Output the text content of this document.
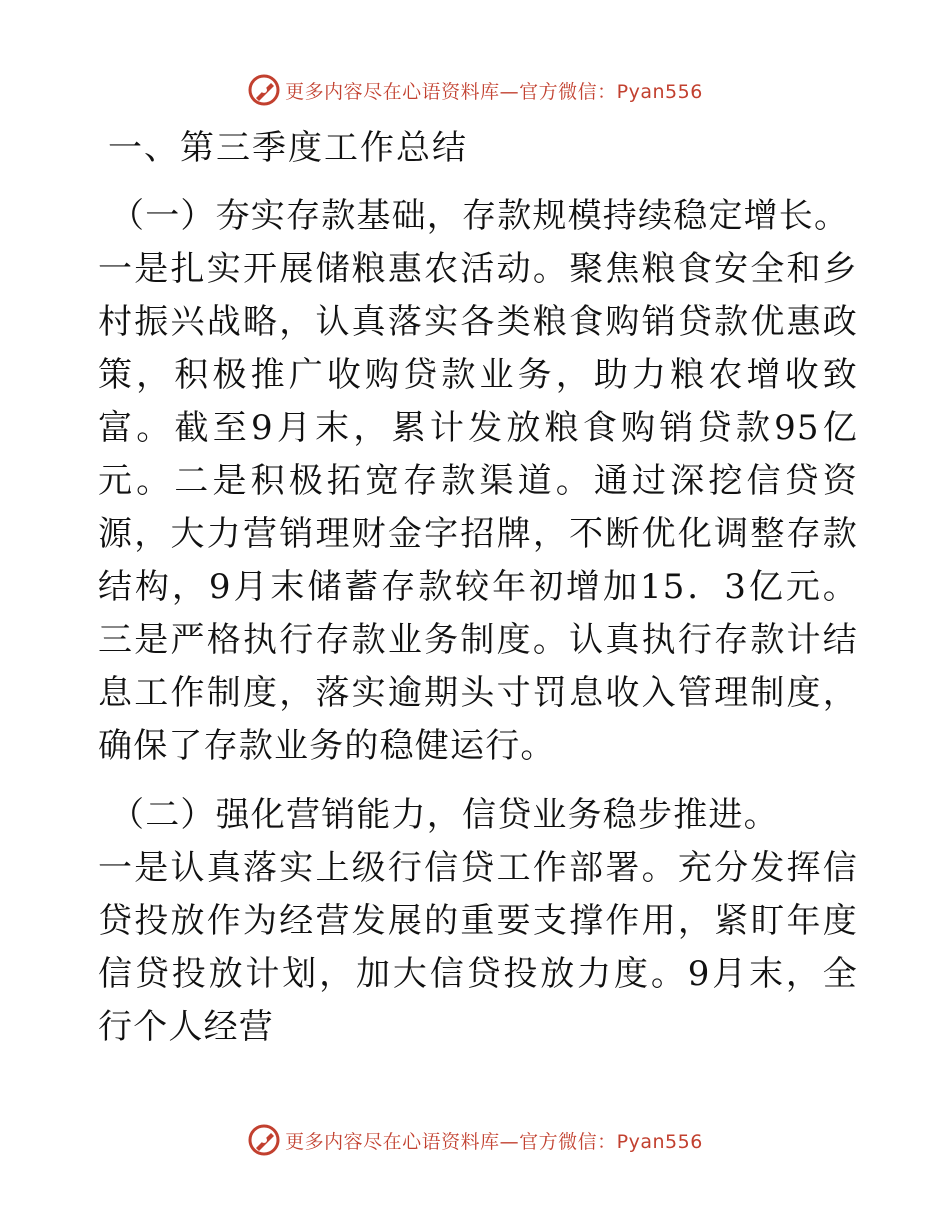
更多内容尽在心语资料库—官方微信：Pyan556
一、第三季度工作总结

（一）夯实存款基础，存款规模持续稳定增长。
一是扎实开展储粮惠农活动。聚焦粮食安全和乡村振兴战略，认真落实各类粮食购销贷款优惠政策，积极推广收购贷款业务，助力粮农增收致富。截至9月末，累计发放粮食购销贷款95亿元。二是积极拓宽存款渠道。通过深挖信贷资源，大力营销理财金字招牌，不断优化调整存款结构，9月末储蓄存款较年初增加15．3亿元。三是严格执行存款业务制度。认真执行存款计结息工作制度，落实逾期头寸罚息收入管理制度，确保了存款业务的稳健运行。

（二）强化营销能力，信贷业务稳步推进。
一是认真落实上级行信贷工作部署。充分发挥信贷投放作为经营发展的重要支撑作用，紧盯年度信贷投放计划，加大信贷投放力度。9月末，全行个人经营

更多内容尽在心语资料库—官方微信：Pyan556
